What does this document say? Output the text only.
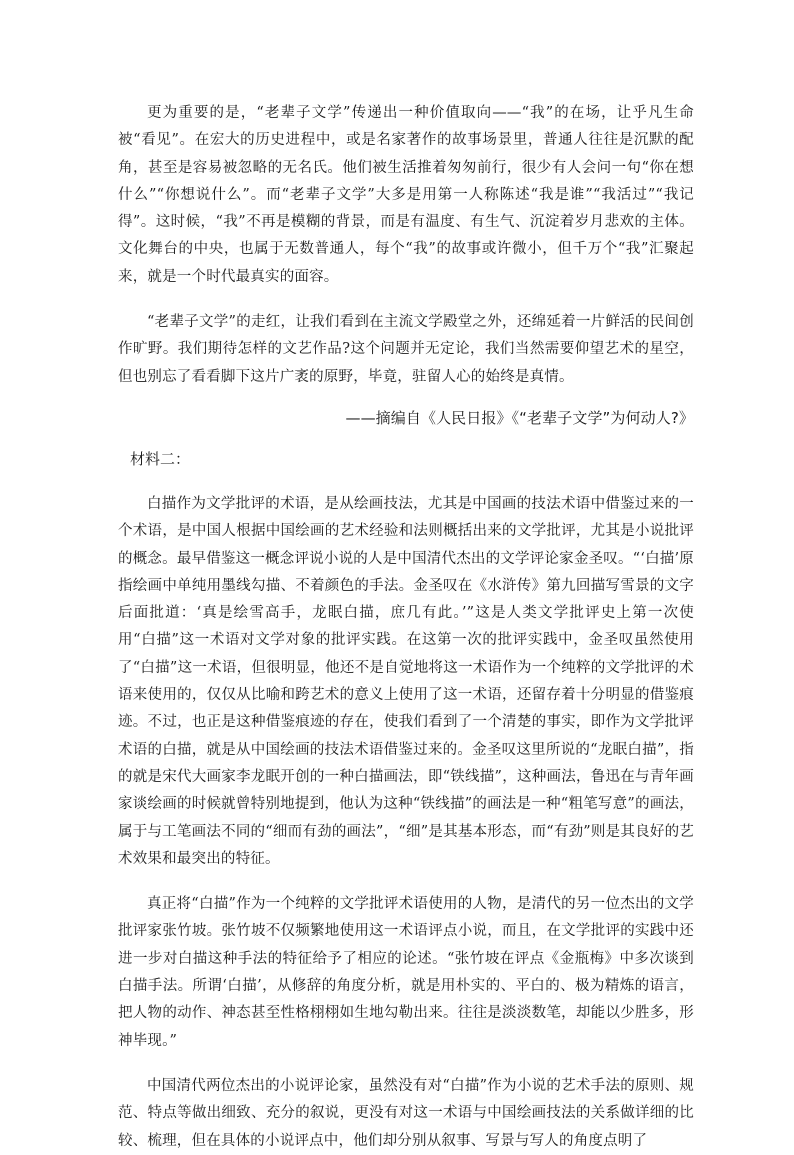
更为重要的是，“老辈子文学”传递出一种价值取向——“我”的在场，让乎凡生命被“看见”。在宏大的历史进程中，或是名家著作的故事场景里，普通人往往是沉默的配角，甚至是容易被忽略的无名氏。他们被生活推着匆匆前行，很少有人会问一句“你在想什么”“你想说什么”。而“老辈子文学”大多是用第一人称陈述“我是谁”“我活过”“我记得”。这时候，“我”不再是模糊的背景，而是有温度、有生气、沉淀着岁月悲欢的主体。文化舞台的中央，也属于无数普通人，每个“我”的故事或许微小，但千万个“我”汇聚起来，就是一个时代最真实的面容。

“老辈子文学”的走红，让我们看到在主流文学殿堂之外，还绵延着一片鲜活的民间创作旷野。我们期待怎样的文艺作品?这个问题并无定论，我们当然需要仰望艺术的星空，但也别忘了看看脚下这片广袤的原野，毕竟，驻留人心的始终是真情。

——摘编自《人民日报》《“老辈子文学”为何动人?》

材料二：

白描作为文学批评的术语，是从绘画技法，尤其是中国画的技法术语中借鉴过来的一个术语，是中国人根据中国绘画的艺术经验和法则概括出来的文学批评，尤其是小说批评的概念。最早借鉴这一概念评说小说的人是中国清代杰出的文学评论家金圣叹。“‘白描’原指绘画中单纯用墨线勾描、不着颜色的手法。金圣叹在《水浒传》第九回描写雪景的文字后面批道：‘真是绘雪高手，龙眠白描，庶几有此。’”这是人类文学批评史上第一次使用“白描”这一术语对文学对象的批评实践。在这第一次的批评实践中，金圣叹虽然使用了“白描”这一术语，但很明显，他还不是自觉地将这一术语作为一个纯粹的文学批评的术语来使用的，仅仅从比喻和跨艺术的意义上使用了这一术语，还留存着十分明显的借鉴痕迹。不过，也正是这种借鉴痕迹的存在，使我们看到了一个清楚的事实，即作为文学批评术语的白描，就是从中国绘画的技法术语借鉴过来的。金圣叹这里所说的“龙眠白描”，指的就是宋代大画家李龙眠开创的一种白描画法，即“铁线描”，这种画法，鲁迅在与青年画家谈绘画的时候就曾特别地提到，他认为这种“铁线描”的画法是一种“粗笔写意”的画法，属于与工笔画法不同的“细而有劲的画法”，“细”是其基本形态，而“有劲”则是其良好的艺术效果和最突出的特征。

真正将“白描”作为一个纯粹的文学批评术语使用的人物，是清代的另一位杰出的文学批评家张竹坡。张竹坡不仅频繁地使用这一术语评点小说，而且，在文学批评的实践中还进一步对白描这种手法的特征给予了相应的论述。“张竹坡在评点《金瓶梅》中多次谈到白描手法。所谓‘白描’，从修辞的角度分析，就是用朴实的、平白的、极为精炼的语言，把人物的动作、神态甚至性格栩栩如生地勾勒出来。往往是淡淡数笔，却能以少胜多，形神毕现。”

中国清代两位杰出的小说评论家，虽然没有对“白描”作为小说的艺术手法的原则、规范、特点等做出细致、充分的叙说，更没有对这一术语与中国绘画技法的关系做详细的比较、梳理，但在具体的小说评点中，他们却分别从叙事、写景与写人的角度点明了
